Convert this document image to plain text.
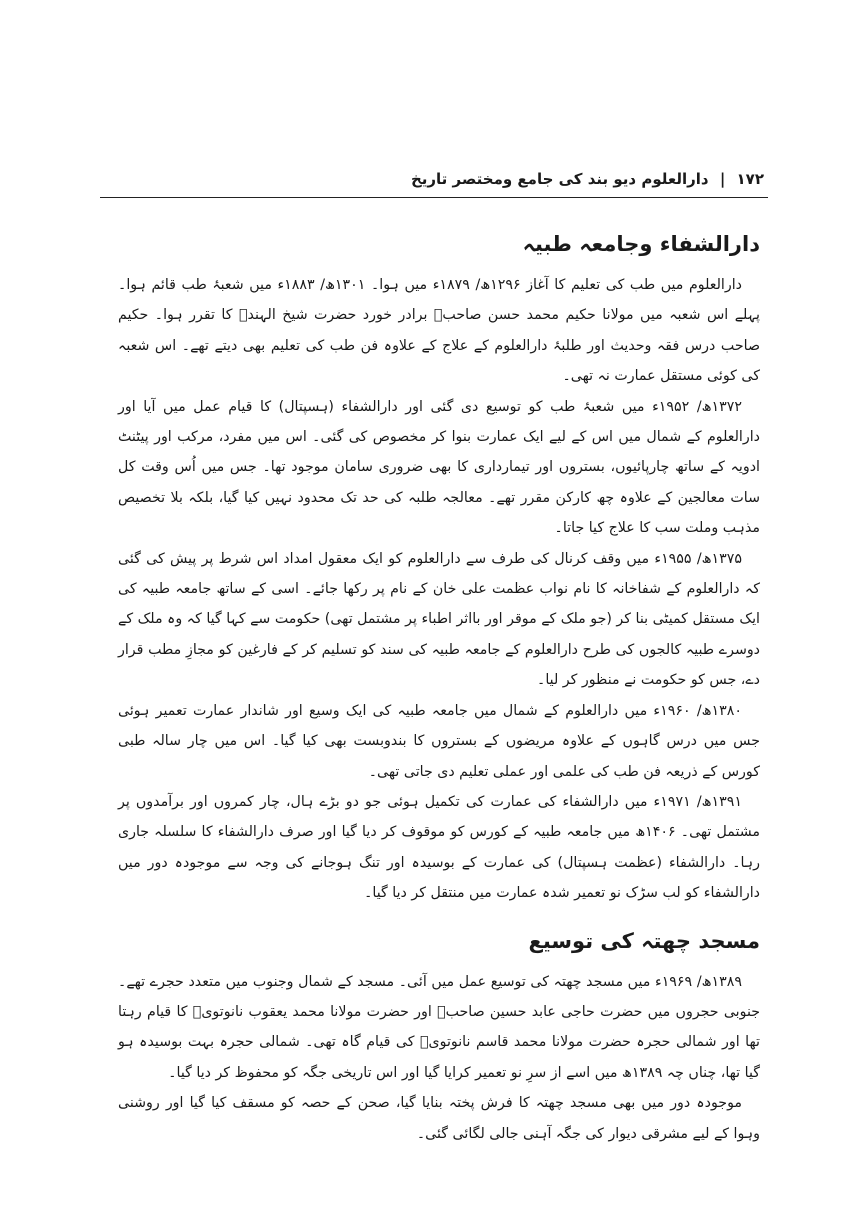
۱۷۲ | دارالعلوم دیو بند کی جامع ومختصر تاریخ
دارالشفاء وجامعہ طبیہ

دارالعلوم میں طب کی تعلیم کا آغاز ۱۲۹۶ھ/ ۱۸۷۹ء میں ہوا۔ ۱۳۰۱ھ/ ۱۸۸۳ء میں شعبۂ طب قائم ہوا۔ پہلے اس شعبہ میں مولانا حکیم محمد حسن صاحبؒ برادر خورد حضرت شیخ الہندؒ کا تقرر ہوا۔ حکیم صاحب درس فقہ وحدیث اور طلبۂ دارالعلوم کے علاج کے علاوہ فن طب کی تعلیم بھی دیتے تھے۔ اس شعبہ کی کوئی مستقل عمارت نہ تھی۔

۱۳۷۲ھ/ ۱۹۵۲ء میں شعبۂ طب کو توسیع دی گئی اور دارالشفاء (ہسپتال) کا قیام عمل میں آیا اور دارالعلوم کے شمال میں اس کے لیے ایک عمارت بنوا کر مخصوص کی گئی۔ اس میں مفرد، مرکب اور پیٹنٹ ادویہ کے ساتھ چارپائیوں، بستروں اور تیمارداری کا بھی ضروری سامان موجود تھا۔ جس میں اُس وقت کل سات معالجین کے علاوہ چھ کارکن مقرر تھے۔ معالجہ طلبہ کی حد تک محدود نہیں کیا گیا، بلکہ بلا تخصیص مذہب وملت سب کا علاج کیا جاتا۔

۱۳۷۵ھ/ ۱۹۵۵ء میں وقف کرنال کی طرف سے دارالعلوم کو ایک معقول امداد اس شرط پر پیش کی گئی کہ دارالعلوم کے شفاخانہ کا نام نواب عظمت علی خان کے نام پر رکھا جائے۔ اسی کے ساتھ جامعہ طبیہ کی ایک مستقل کمیٹی بنا کر (جو ملک کے موقر اور بااثر اطباء پر مشتمل تھی) حکومت سے کہا گیا کہ وہ ملک کے دوسرے طبیہ کالجوں کی طرح دارالعلوم کے جامعہ طبیہ کی سند کو تسلیم کر کے فارغین کو مجازِ مطب قرار دے، جس کو حکومت نے منظور کر لیا۔

۱۳۸۰ھ/ ۱۹۶۰ء میں دارالعلوم کے شمال میں جامعہ طبیہ کی ایک وسیع اور شاندار عمارت تعمیر ہوئی جس میں درس گاہوں کے علاوہ مریضوں کے بستروں کا بندوبست بھی کیا گیا۔ اس میں چار سالہ طبی کورس کے ذریعہ فن طب کی علمی اور عملی تعلیم دی جاتی تھی۔

۱۳۹۱ھ/ ۱۹۷۱ء میں دارالشفاء کی عمارت کی تکمیل ہوئی جو دو بڑے ہال، چار کمروں اور برآمدوں پر مشتمل تھی۔ ۱۴۰۶ھ میں جامعہ طبیہ کے کورس کو موقوف کر دیا گیا اور صرف دارالشفاء کا سلسلہ جاری رہا۔ دارالشفاء (عظمت ہسپتال) کی عمارت کے بوسیدہ اور تنگ ہوجانے کی وجہ سے موجودہ دور میں دارالشفاء کو لب سڑک نو تعمیر شدہ عمارت میں منتقل کر دیا گیا۔

مسجد چھتہ کی توسیع

۱۳۸۹ھ/ ۱۹۶۹ء میں مسجد چھتہ کی توسیع عمل میں آئی۔ مسجد کے شمال وجنوب میں متعدد حجرے تھے۔ جنوبی حجروں میں حضرت حاجی عابد حسین صاحبؒ اور حضرت مولانا محمد یعقوب نانوتویؒ کا قیام رہتا تھا اور شمالی حجرہ حضرت مولانا محمد قاسم نانوتویؒ کی قیام گاہ تھی۔ شمالی حجرہ بہت بوسیدہ ہو گیا تھا، چناں چہ ۱۳۸۹ھ میں اسے از سرِ نو تعمیر کرایا گیا اور اس تاریخی جگہ کو محفوظ کر دیا گیا۔

موجودہ دور میں بھی مسجد چھتہ کا فرش پختہ بنایا گیا، صحن کے حصہ کو مسقف کیا گیا اور روشنی وہوا کے لیے مشرقی دیوار کی جگہ آہنی جالی لگائی گئی۔
